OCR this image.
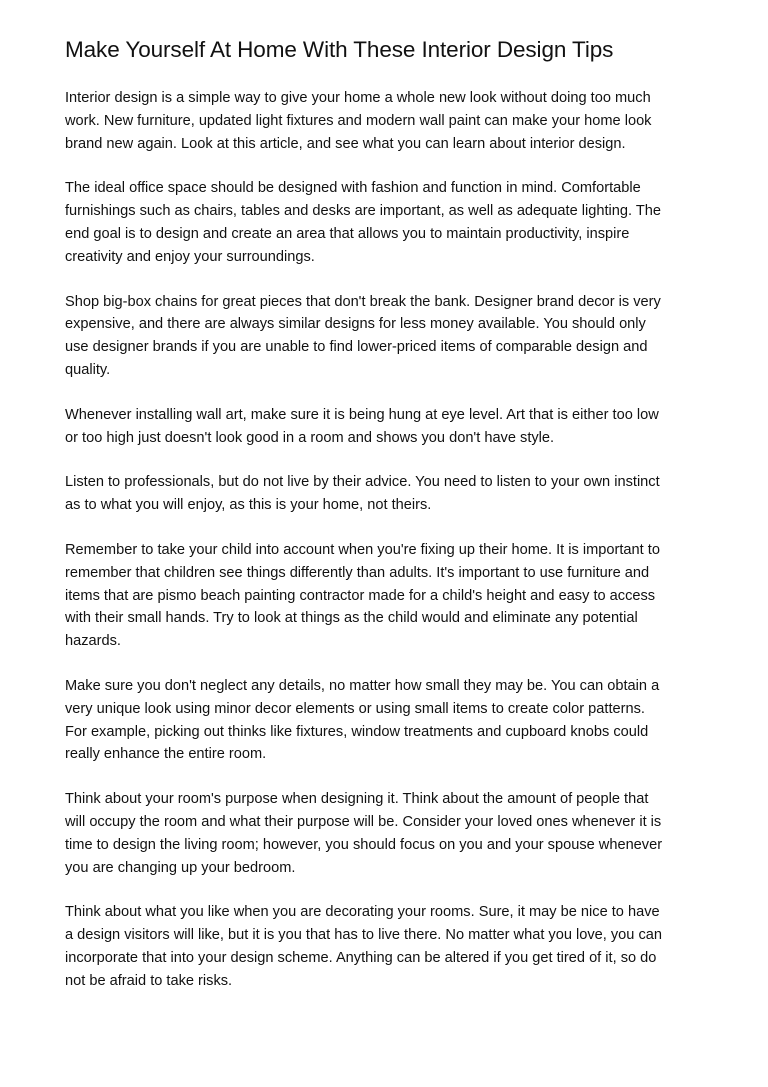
Make Yourself At Home With These Interior Design Tips

Interior design is a simple way to give your home a whole new look without doing too much
work. New furniture, updated light fixtures and modern wall paint can make your home look
brand new again. Look at this article, and see what you can learn about interior design.

The ideal office space should be designed with fashion and function in mind. Comfortable
furnishings such as chairs, tables and desks are important, as well as adequate lighting. The
end goal is to design and create an area that allows you to maintain productivity, inspire
creativity and enjoy your surroundings.

Shop big-box chains for great pieces that don't break the bank. Designer brand decor is very
expensive, and there are always similar designs for less money available. You should only
use designer brands if you are unable to find lower-priced items of comparable design and
quality.

Whenever installing wall art, make sure it is being hung at eye level. Art that is either too low
or too high just doesn't look good in a room and shows you don't have style.

Listen to professionals, but do not live by their advice. You need to listen to your own instinct
as to what you will enjoy, as this is your home, not theirs.

Remember to take your child into account when you're fixing up their home. It is important to
remember that children see things differently than adults. It's important to use furniture and
items that are pismo beach painting contractor made for a child's height and easy to access
with their small hands. Try to look at things as the child would and eliminate any potential
hazards.

Make sure you don't neglect any details, no matter how small they may be. You can obtain a
very unique look using minor decor elements or using small items to create color patterns.
For example, picking out thinks like fixtures, window treatments and cupboard knobs could
really enhance the entire room.

Think about your room's purpose when designing it. Think about the amount of people that
will occupy the room and what their purpose will be. Consider your loved ones whenever it is
time to design the living room; however, you should focus on you and your spouse whenever
you are changing up your bedroom.

Think about what you like when you are decorating your rooms. Sure, it may be nice to have
a design visitors will like, but it is you that has to live there. No matter what you love, you can
incorporate that into your design scheme. Anything can be altered if you get tired of it, so do
not be afraid to take risks.
